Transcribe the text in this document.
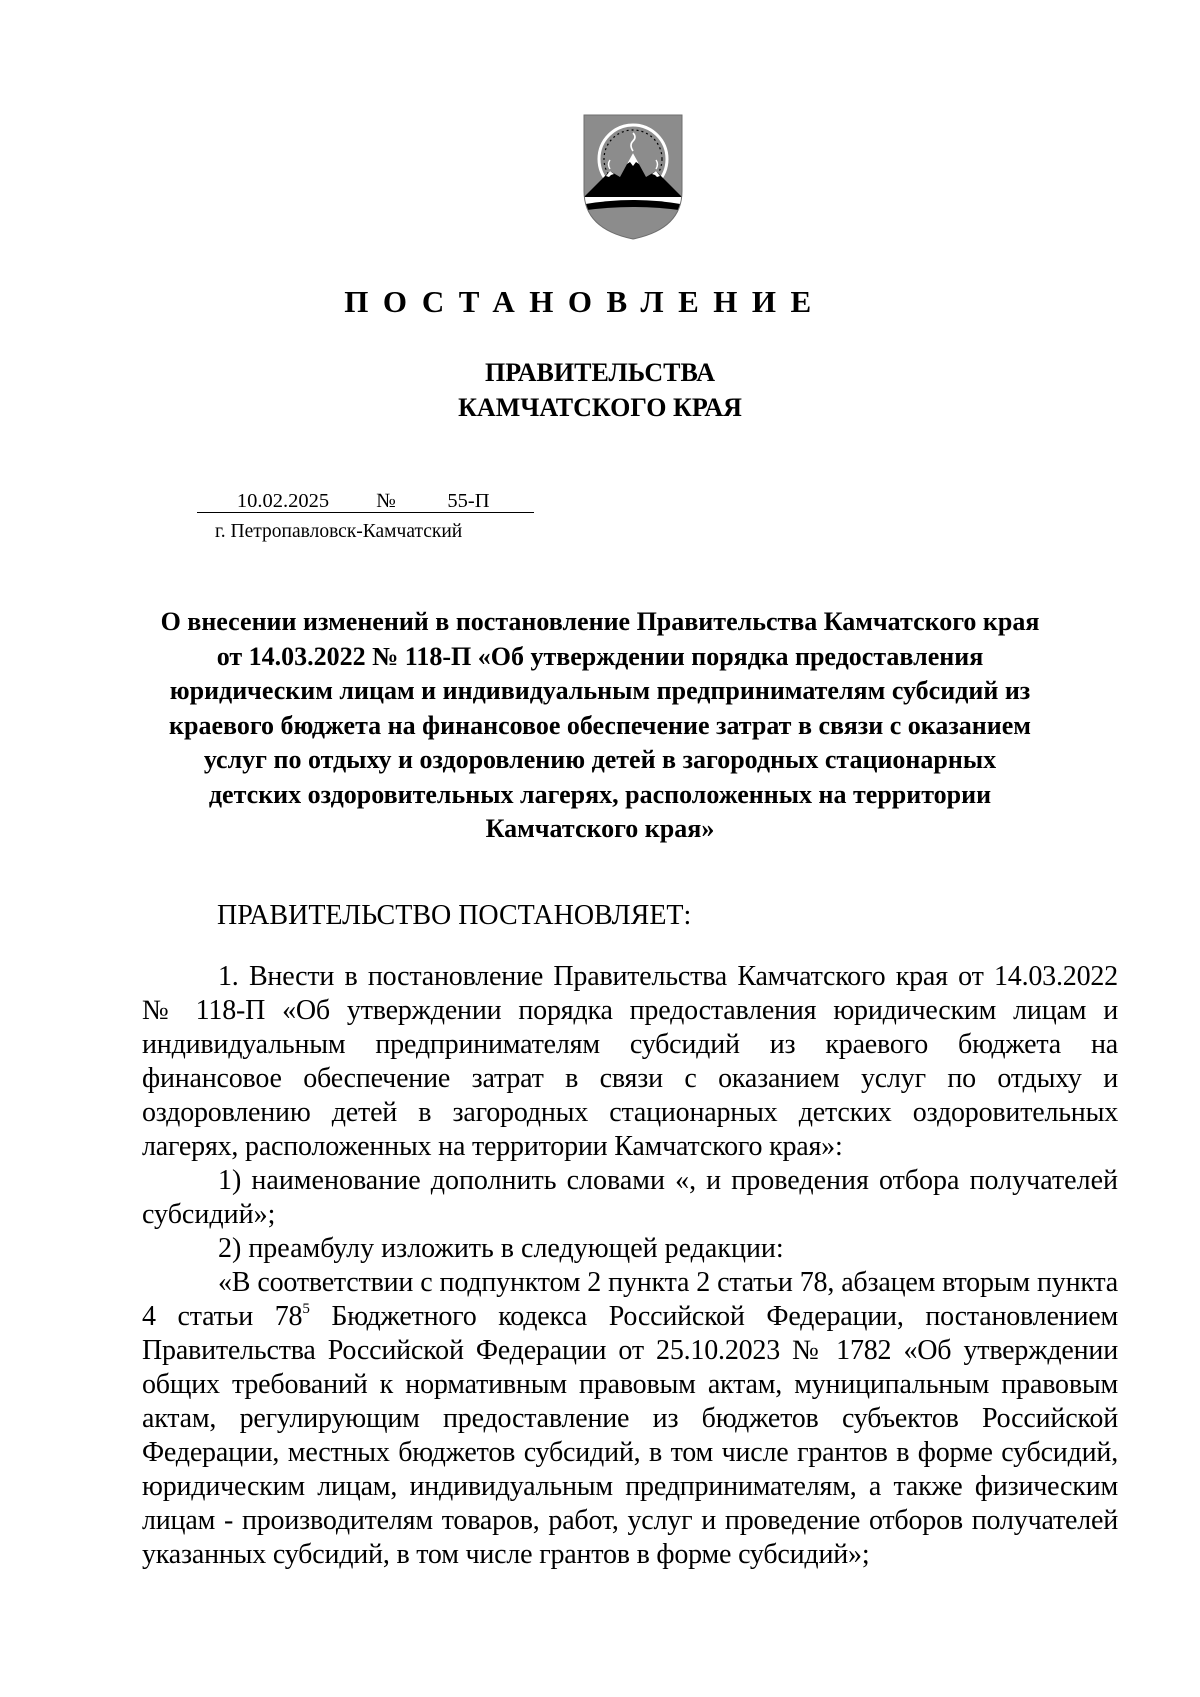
ПОСТАНОВЛЕНИЕ
ПРАВИТЕЛЬСТВА
КАМЧАТСКОГО КРАЯ
10.02.2025 №	55-П
г. Петропавловск-Камчатский
О внесении изменений в постановление Правительства Камчатского края
от 14.03.2022 № 118-П «Об утверждении порядка предоставления
юридическим лицам и индивидуальным предпринимателям субсидий из
краевого бюджета на финансовое обеспечение затрат в связи с оказанием
услуг по отдыху и оздоровлению детей в загородных стационарных
детских оздоровительных лагерях, расположенных на территории
Камчатского края»
ПРАВИТЕЛЬСТВО ПОСТАНОВЛЯЕТ:

1. Внести в постановление Правительства Камчатского края от 14.03.2022 № 118-П «Об утверждении порядка предоставления юридическим лицам и индивидуальным предпринимателям субсидий из краевого бюджета на финансовое обеспечение затрат в связи с оказанием услуг по отдыху и оздоровлению детей в загородных стационарных детских оздоровительных лагерях, расположенных на территории Камчатского края»:

1) наименование дополнить словами «, и проведения отбора получателей субсидий»;

2) преамбулу изложить в следующей редакции:

«В соответствии с подпунктом 2 пункта 2 статьи 78, абзацем вторым пункта 4 статьи $78^5$ Бюджетного кодекса Российской Федерации, постановлением Правительства Российской Федерации от 25.10.2023 № 1782 «Об утверждении общих требований к нормативным правовым актам, муниципальным правовым актам, регулирующим предоставление из бюджетов субъектов Российской Федерации, местных бюджетов субсидий, в том числе грантов в форме субсидий, юридическим лицам, индивидуальным предпринимателям, а также физическим лицам - производителям товаров, работ, услуг и проведение отборов получателей указанных субсидий, в том числе грантов в форме субсидий»;
